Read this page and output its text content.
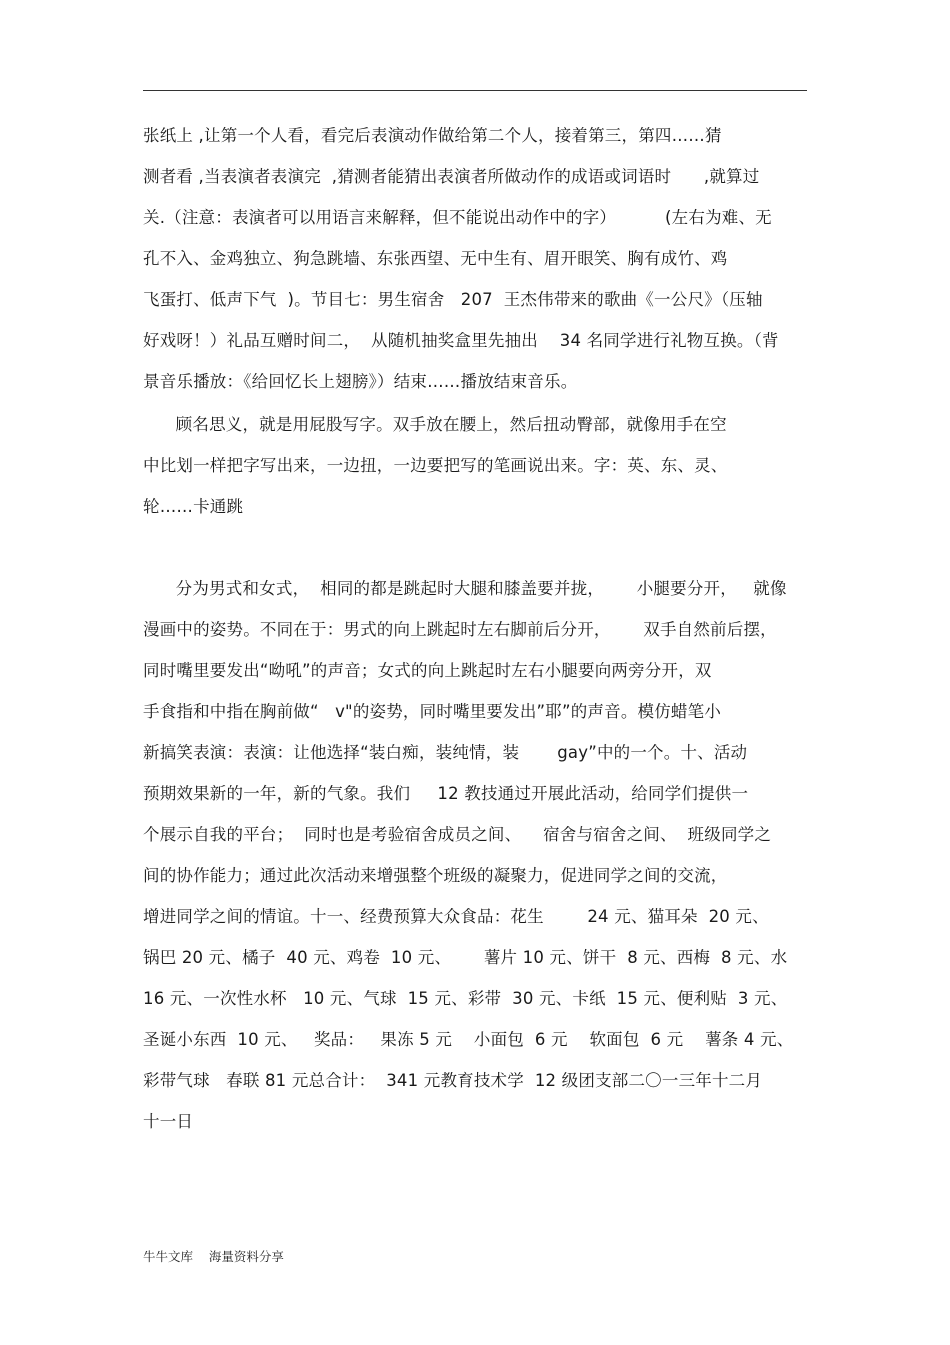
张纸上 ,让第一个人看，看完后表演动作做给第二个人，接着第三，第四……猜
测者看 ,当表演者表演完  ,猜测者能猜出表演者所做动作的成语或词语时      ,就算过
关.（注意：表演者可以用语言来解释，但不能说出动作中的字）         (左右为难、无
孔不入、金鸡独立、狗急跳墙、东张西望、无中生有、眉开眼笑、胸有成竹、鸡
飞蛋打、低声下气  )。节目七：男生宿舍   207  王杰伟带来的歌曲《一公尺》（压轴
好戏呀！）礼品互赠时间二，  从随机抽奖盒里先抽出    34 名同学进行礼物互换。（背
景音乐播放：《给回忆长上翅膀》）结束……播放结束音乐。
顾名思义，就是用屁股写字。双手放在腰上，然后扭动臀部，就像用手在空
中比划一样把字写出来，一边扭，一边要把写的笔画说出来。字：英、东、灵、
轮……卡通跳
分为男式和女式，  相同的都是跳起时大腿和膝盖要并拢，      小腿要分开，   就像
漫画中的姿势。不同在于：男式的向上跳起时左右脚前后分开，      双手自然前后摆，
同时嘴里要发出“呦吼”的声音；女式的向上跳起时左右小腿要向两旁分开，双
手食指和中指在胸前做“   v"的姿势，同时嘴里要发出”耶”的声音。模仿蜡笔小
新搞笑表演：表演：让他选择“装白痴，装纯情，装       gay”中的一个。十、活动
预期效果新的一年，新的气象。我们     12 教技通过开展此活动，给同学们提供一
个展示自我的平台；  同时也是考验宿舍成员之间、    宿舍与宿舍之间、  班级同学之
间的协作能力；通过此次活动来增强整个班级的凝聚力，促进同学之间的交流，
增进同学之间的情谊。十一、经费预算大众食品：花生        24 元、猫耳朵  20 元、
锅巴 20 元、橘子  40 元、鸡卷  10 元、      薯片 10 元、饼干  8 元、西梅  8 元、水
16 元、一次性水杯   10 元、气球  15 元、彩带  30 元、卡纸  15 元、便利贴  3 元、
圣诞小东西  10 元、   奖品：   果冻 5 元    小面包  6 元    软面包  6 元    薯条 4 元、
彩带气球   春联 81 元总合计：  341 元教育技术学  12 级团支部二〇一三年十二月
十一日
牛牛文库    海量资料分享
